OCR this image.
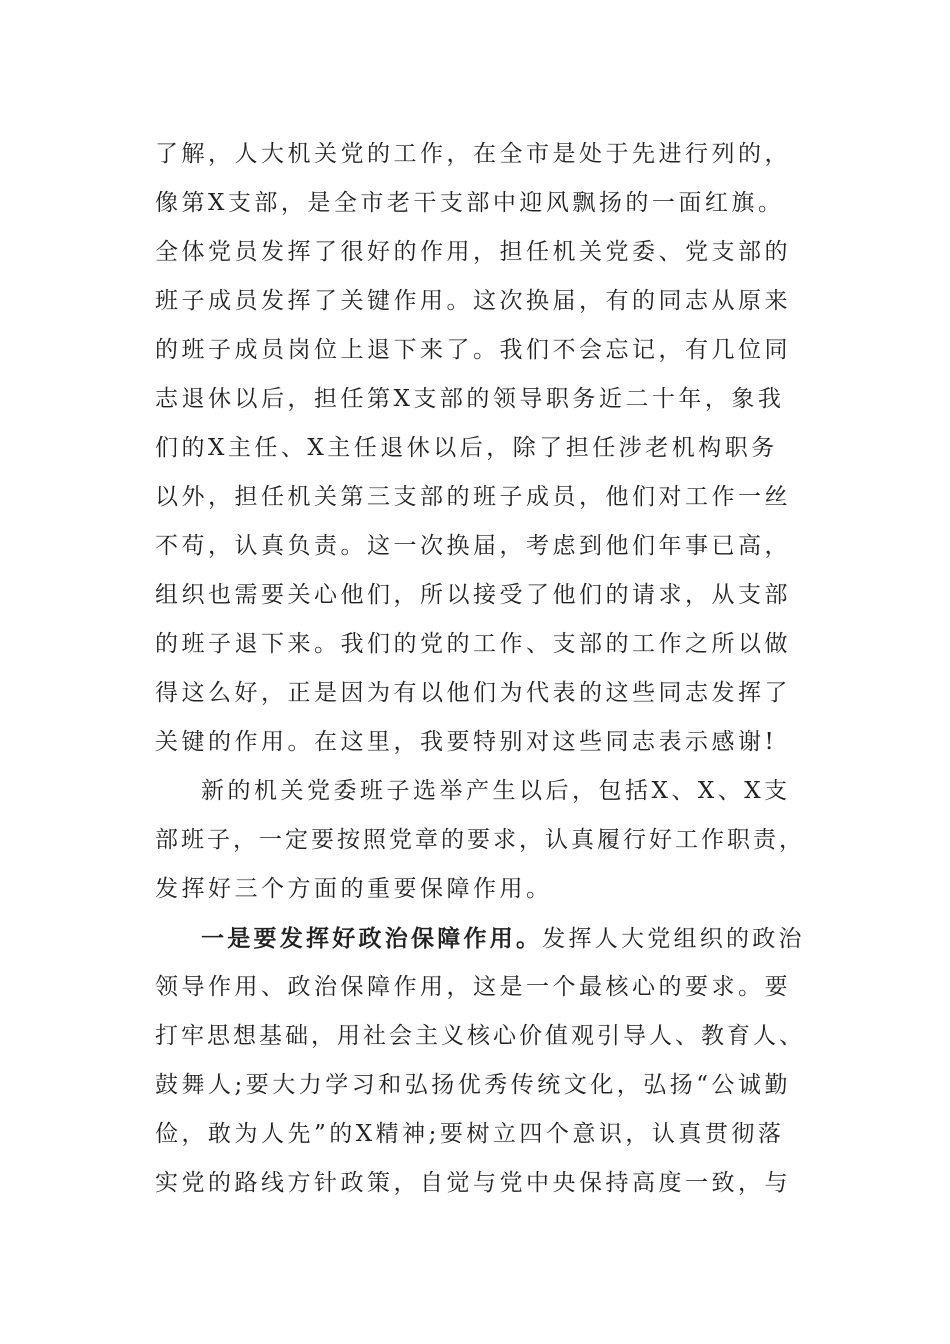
了解，人大机关党的工作，在全市是处于先进行列的，
像第X支部，是全市老干支部中迎风飘扬的一面红旗。
全体党员发挥了很好的作用，担任机关党委、党支部的
班子成员发挥了关键作用。这次换届，有的同志从原来
的班子成员岗位上退下来了。我们不会忘记，有几位同
志退休以后，担任第X支部的领导职务近二十年，象我
们的X主任、X主任退休以后，除了担任涉老机构职务
以外，担任机关第三支部的班子成员，他们对工作一丝
不苟，认真负责。这一次换届，考虑到他们年事已高，
组织也需要关心他们，所以接受了他们的请求，从支部
的班子退下来。我们的党的工作、支部的工作之所以做
得这么好，正是因为有以他们为代表的这些同志发挥了
关键的作用。在这里，我要特别对这些同志表示感谢!
新的机关党委班子选举产生以后，包括X、X、X支
部班子，一定要按照党章的要求，认真履行好工作职责，
发挥好三个方面的重要保障作用。
一是要发挥好政治保障作用。发挥人大党组织的政治
领导作用、政治保障作用，这是一个最核心的要求。要
打牢思想基础，用社会主义核心价值观引导人、教育人、
鼓舞人;要大力学习和弘扬优秀传统文化，弘扬“公诚勤
俭，敢为人先”的X精神;要树立四个意识，认真贯彻落
实党的路线方针政策，自觉与党中央保持高度一致，与
